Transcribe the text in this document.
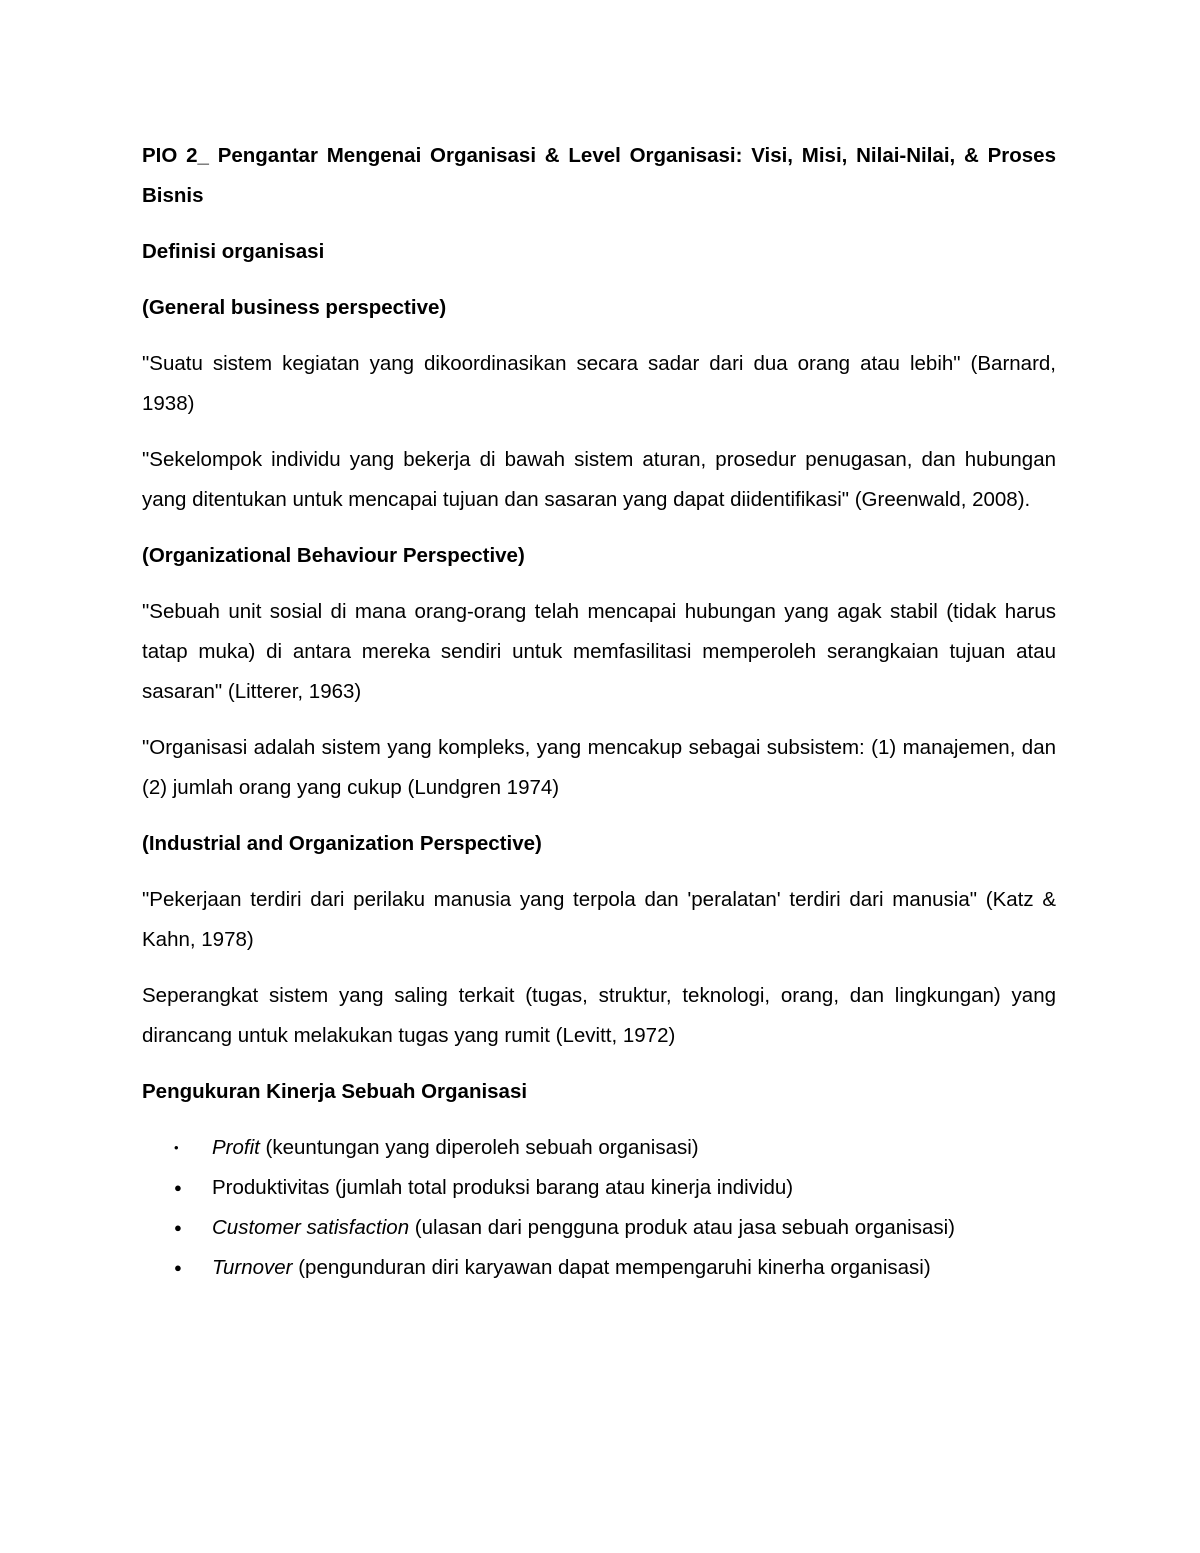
PIO 2_ Pengantar Mengenai Organisasi & Level Organisasi: Visi, Misi, Nilai-Nilai, & Proses Bisnis
Definisi organisasi
(General business perspective)
"Suatu sistem kegiatan yang dikoordinasikan secara sadar dari dua orang atau lebih" (Barnard, 1938)
"Sekelompok individu yang bekerja di bawah sistem aturan, prosedur penugasan, dan hubungan yang ditentukan untuk mencapai tujuan dan sasaran yang dapat diidentifikasi" (Greenwald, 2008).
(Organizational Behaviour Perspective)
"Sebuah unit sosial di mana orang-orang telah mencapai hubungan yang agak stabil (tidak harus tatap muka) di antara mereka sendiri untuk memfasilitasi memperoleh serangkaian tujuan atau sasaran" (Litterer, 1963)
"Organisasi adalah sistem yang kompleks, yang mencakup sebagai subsistem: (1) manajemen, dan (2) jumlah orang yang cukup (Lundgren 1974)
(Industrial and Organization Perspective)
"Pekerjaan terdiri dari perilaku manusia yang terpola dan 'peralatan' terdiri dari manusia" (Katz & Kahn, 1978)
Seperangkat sistem yang saling terkait (tugas, struktur, teknologi, orang, dan lingkungan) yang dirancang untuk melakukan tugas yang rumit (Levitt, 1972)
Pengukuran Kinerja Sebuah Organisasi
•	Profit (keuntungan yang diperoleh sebuah organisasi)
● Produktivitas (jumlah total produksi barang atau kinerja individu)
● Customer satisfaction (ulasan dari pengguna produk atau jasa sebuah organisasi)
● Turnover (pengunduran diri karyawan dapat mempengaruhi kinerha organisasi)
